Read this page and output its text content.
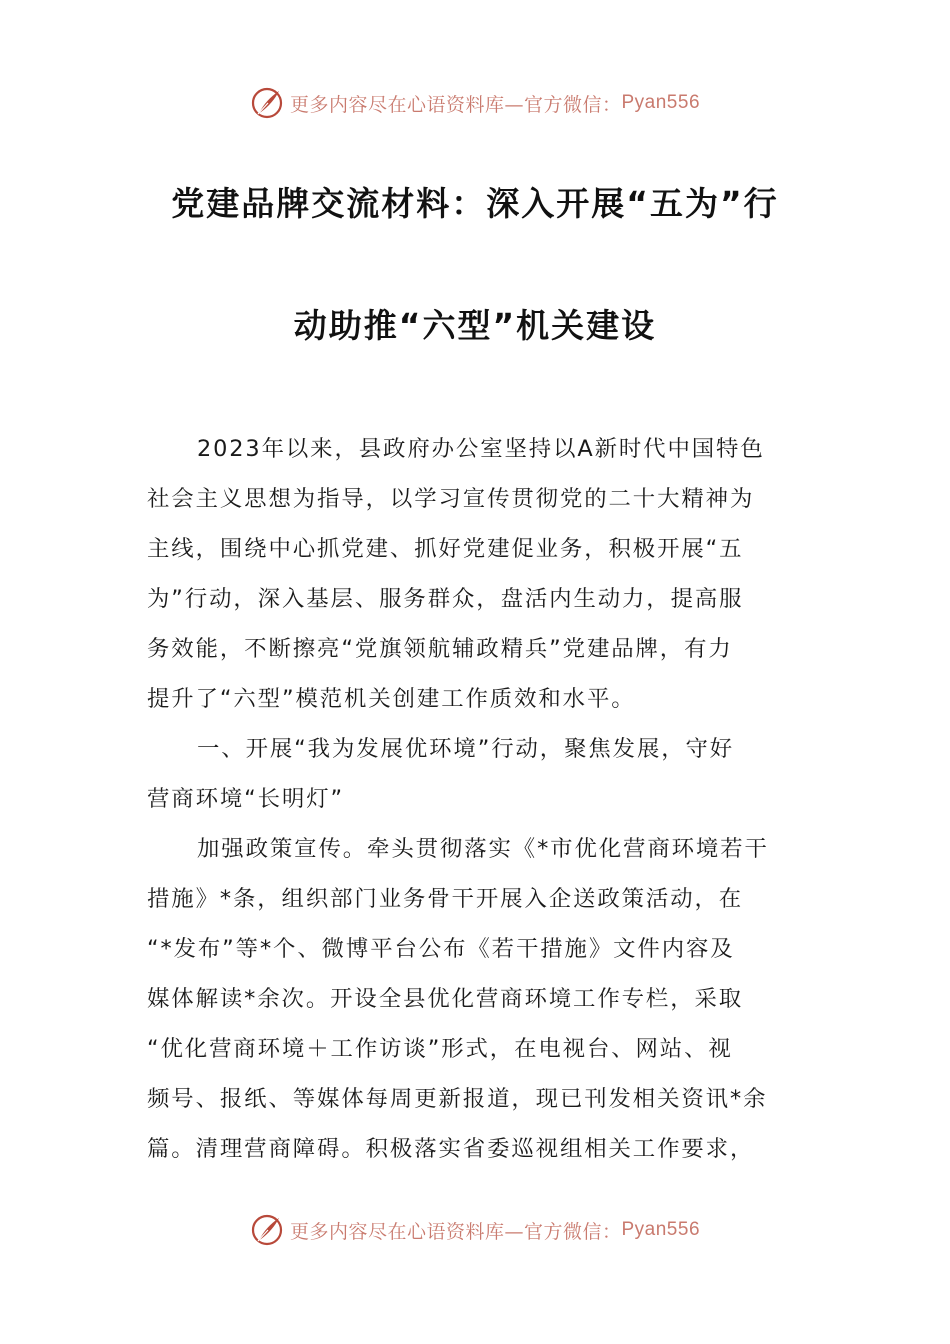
更多内容尽在心语资料库—官方微信： Pyan556
党建品牌交流材料：深入开展“五为”行
动助推“六型”机关建设
2023年以来，县政府办公室坚持以A新时代中国特色
社会主义思想为指导，以学习宣传贯彻党的二十大精神为
主线，围绕中心抓党建、抓好党建促业务，积极开展“五
为”行动，深入基层、服务群众，盘活内生动力，提高服
务效能，不断擦亮“党旗领航辅政精兵”党建品牌，有力
提升了“六型”模范机关创建工作质效和水平。
一、开展“我为发展优环境”行动，聚焦发展，守好
营商环境“长明灯”
加强政策宣传。牵头贯彻落实《*市优化营商环境若干
措施》*条，组织部门业务骨干开展入企送政策活动，在
“*发布”等*个、微博平台公布《若干措施》文件内容及
媒体解读*余次。开设全县优化营商环境工作专栏，采取
“优化营商环境＋工作访谈”形式，在电视台、网站、视
频号、报纸、等媒体每周更新报道，现已刊发相关资讯*余
篇。清理营商障碍。积极落实省委巡视组相关工作要求，
更多内容尽在心语资料库—官方微信： Pyan556
